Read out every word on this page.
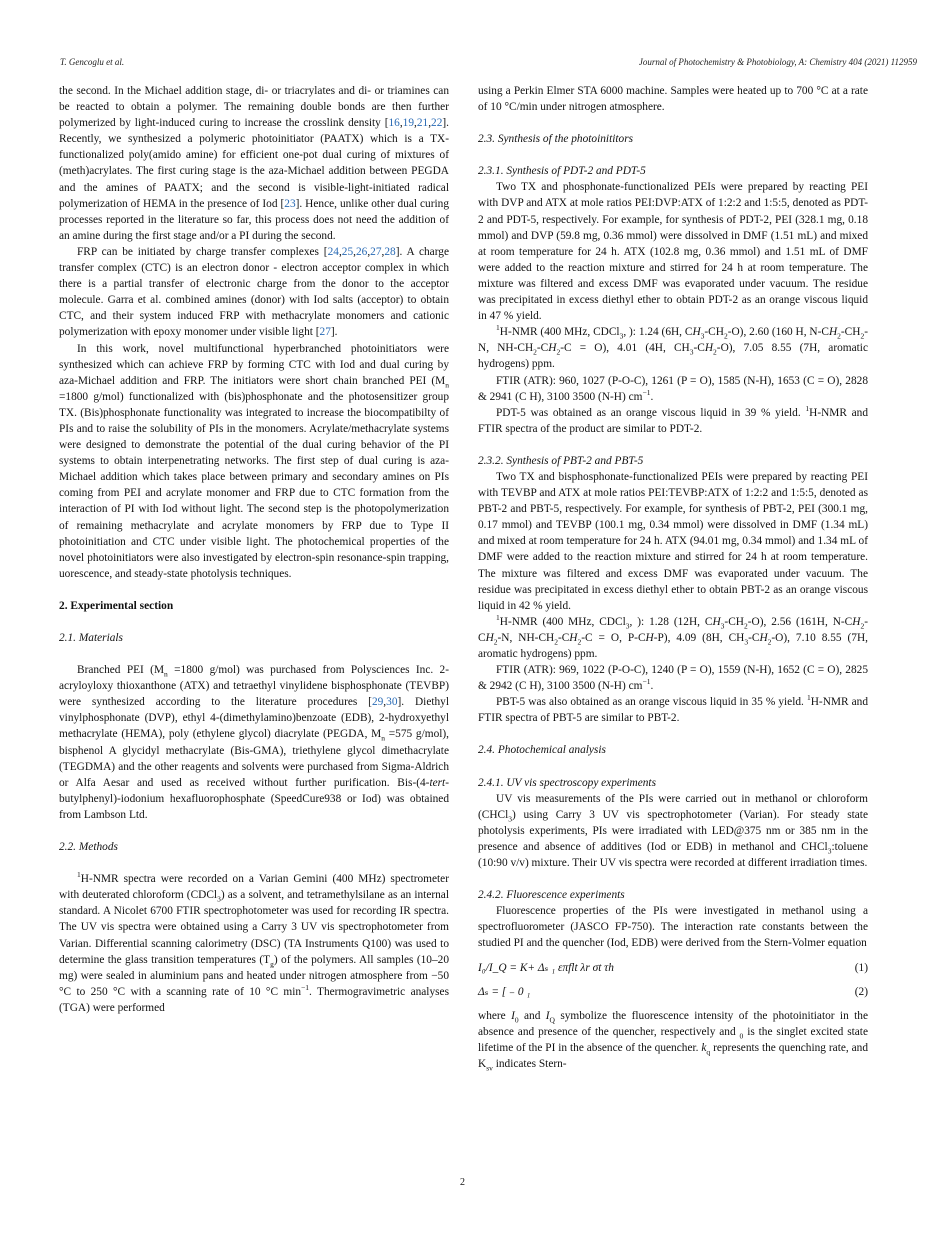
T. Gencoglu et al.	Journal of Photochemistry & Photobiology, A: Chemistry 404 (2021) 112959

the second. In the Michael addition stage, di- or triacrylates and di- or triamines can be reacted to obtain a polymer. The remaining double bonds are then further polymerized by light-induced curing to increase the crosslink density [16,19,21,22]. Recently, we synthesized a polymeric photoinitiator (PAATX) which is a TX-functionalized poly(amido amine) for efficient one-pot dual curing of mixtures of (meth)acrylates. The first curing stage is the aza-Michael addition between PEGDA and the amines of PAATX; and the second is visible-light-initiated radical polymerization of HEMA in the presence of Iod [23]. Hence, unlike other dual curing processes reported in the literature so far, this process does not need the addition of an amine during the first stage and/or a PI during the second.

FRP can be initiated by charge transfer complexes [24,25,26,27,28]. A charge transfer complex (CTC) is an electron donor - electron acceptor complex in which there is a partial transfer of electronic charge from the donor to the acceptor molecule. Garra et al. combined amines (donor) with Iod salts (acceptor) to obtain CTC, and their system induced FRP with methacrylate monomers and cationic polymerization with epoxy monomer under visible light [27].

In this work, novel multifunctional hyperbranched photoinitiators were synthesized which can achieve FRP by forming CTC with Iod and dual curing by aza-Michael addition and FRP. The initiators were short chain branched PEI ($M_n =1800$ g/mol) functionalized with (bis)phosphonate and the photosensitizer group TX. (Bis)phosphonate functionality was integrated to increase the biocompatibilty of PIs and to raise the solubility of PIs in the monomers. Acrylate/methacrylate systems were designed to demonstrate the potential of the dual curing behavior of the PI systems to obtain interpenetrating networks. The first step of dual curing is aza-Michael addition which takes place between primary and secondary amines on PIs coming from PEI and acrylate monomer and FRP due to CTC formation from the interaction of PI with Iod without light. The second step is the photopolymerization of remaining methacrylate and acrylate monomers by FRP due to Type II photoinitiation and CTC under visible light. The photochemical properties of the novel photoinitiators were also investigated by electron-spin resonance-spin trapping, uorescence, and steady-state photolysis techniques.

2. Experimental section
2.1. Materials

Branched PEI ($M_n =1800$ g/mol) was purchased from Polysciences Inc. 2-acryloyloxy thioxanthone (ATX) and tetraethyl vinylidene bisphosphonate (TEVBP) were synthesized according to the literature procedures [29,30]. Diethyl vinylphosphonate (DVP), ethyl 4-(dimethylamino)benzoate (EDB), 2-hydroxyethyl methacrylate (HEMA), poly (ethylene glycol) diacrylate (PEGDA, $M_n =575$ g/mol), bisphenol A glycidyl methacrylate (Bis-GMA), triethylene glycol dimethacrylate (TEGDMA) and the other reagents and solvents were purchased from Sigma-Aldrich or Alfa Aesar and used as received without further purification. Bis-(4-tert-butylphenyl)-iodonium hexafluorophosphate (SpeedCure938 or Iod) was obtained from Lambson Ltd.

2.2. Methods

$^1$H-NMR spectra were recorded on a Varian Gemini (400 MHz) spectrometer with deuterated chloroform (CDCl$_3$) as a solvent, and tetramethylsilane as an internal standard. A Nicolet 6700 FTIR spectrophotometer was used for recording IR spectra. The UV vis spectra were obtained using a Carry 3 UV vis spectrophotometer from Varian. Differential scanning calorimetry (DSC) (TA Instruments Q100) was used to determine the glass transition temperatures $(T_g)$ of the polymers. All samples (10–20 mg) were sealed in aluminium pans and heated under nitrogen atmosphere from −50 °C to 250 °C with a scanning rate of 10 °C $\min^{-1}$. Thermogravimetric analyses (TGA) were performed

using a Perkin Elmer STA 6000 machine. Samples were heated up to 700 °C at a rate of 10 °C/min under nitrogen atmosphere.

2.3. Synthesis of the photoinititors
2.3.1. Synthesis of PDT-2 and PDT-5

Two TX and phosphonate-functionalized PEIs were prepared by reacting PEI with DVP and ATX at mole ratios PEI:DVP:ATX of 1:2:2 and 1:5:5, denoted as PDT-2 and PDT-5, respectively. For example, for synthesis of PDT-2, PEI (328.1 mg, 0.18 mmol) and DVP (59.8 mg, 0.36 mmol) were dissolved in DMF (1.51 mL) and mixed at room temperature for 24 h. ATX (102.8 mg, 0.36 mmol) and 1.51 mL of DMF were added to the reaction mixture and stirred for 24 h at room temperature. The mixture was filtered and excess DMF was evaporated under vacuum. The residue was precipitated in excess diethyl ether to obtain PDT-2 as an orange viscous liquid in 47 % yield.

$^1$H-NMR (400 MHz, CDCl$_3$, ): 1.24 (6H, $CH_3-CH_2-O$), 2.60 (160 H, $N-CH_2-CH_2-N$, $NH-CH_2-CH_2-C = O$), 4.01 (4H, $CH_3-CH_2-O$), 7.05 8.55 (7H, aromatic hydrogens) ppm.

FTIR (ATR): 960, 1027 (P-O-C), 1261 (P = O), 1585 (N-H), 1653 (C = O), 2828 & 2941 (C H), 3100 3500 (N-H) $cm^{-1}$.

PDT-5 was obtained as an orange viscous liquid in 39 % yield. $^1$H-NMR and FTIR spectra of the product are similar to PDT-2.

2.3.2. Synthesis of PBT-2 and PBT-5

Two TX and bisphosphonate-functionalized PEIs were prepared by reacting PEI with TEVBP and ATX at mole ratios PEI:TEVBP:ATX of 1:2:2 and 1:5:5, denoted as PBT-2 and PBT-5, respectively. For example, for synthesis of PBT-2, PEI (300.1 mg, 0.17 mmol) and TEVBP (100.1 mg, 0.34 mmol) were dissolved in DMF (1.34 mL) and mixed at room temperature for 24 h. ATX (94.01 mg, 0.34 mmol) and 1.34 mL of DMF were added to the reaction mixture and stirred for 24 h at room temperature. The mixture was filtered and excess DMF was evaporated under vacuum. The residue was precipitated in excess diethyl ether to obtain PBT-2 as an orange viscous liquid in 42 % yield.

$^1$H-NMR (400 MHz, CDCl$_3$, ): 1.28 (12H, $CH_3-CH_2-O$), 2.56 (161H, $N-CH_2-CH_2-N$, $NH-CH_2-CH_2-C = O$, P-CH-P), 4.09 (8H, $CH_3-CH_2-O$), 7.10 8.55 (7H, aromatic hydrogens) ppm.

FTIR (ATR): 969, 1022 (P-O-C), 1240 (P = O), 1559 (N-H), 1652 (C = O), 2825 & 2942 (C H), 3100 3500 (N-H) $cm^{-1}$.

PBT-5 was also obtained as an orange viscous liquid in 35 % yield. $^1$H-NMR and FTIR spectra of PBT-5 are similar to PBT-2.

2.4. Photochemical analysis
2.4.1. UV vis spectroscopy experiments

UV vis measurements of the PIs were carried out in methanol or chloroform (CHCl$_3$) using Carry 3 UV vis spectrophotometer (Varian). For steady state photolysis experiments, PIs were irradiated with LED@375 nm or 385 nm in the presence and absence of additives (Iod or EDB) in methanol and CHCl$_3$:toluene (10:90 v/v) mixture. Their UV vis spectra were recorded at different irradiation times.

2.4.2. Fluorescence experiments

Fluorescence properties of the PIs were investigated in methanol using a spectrofluorometer (JASCO FP-750). The interaction rate constants between the studied PI and the quencher (Iod, EDB) were derived from the Stern-Volmer equation

I₀/I_Q = K+ Δₛ ₁ επflt λr σt τh	(1)
Δₛ = [ ₋ 0 ₁	(2)

where $I_0$ and $I_Q$ symbolize the fluorescence intensity of the photoinitiator in the absence and presence of the quencher, respectively and $_0$ is the singlet excited state lifetime of the PI in the absence of the quencher. $k_q$ represents the quenching rate, and $K_{sv}$ indicates Stern-

2
